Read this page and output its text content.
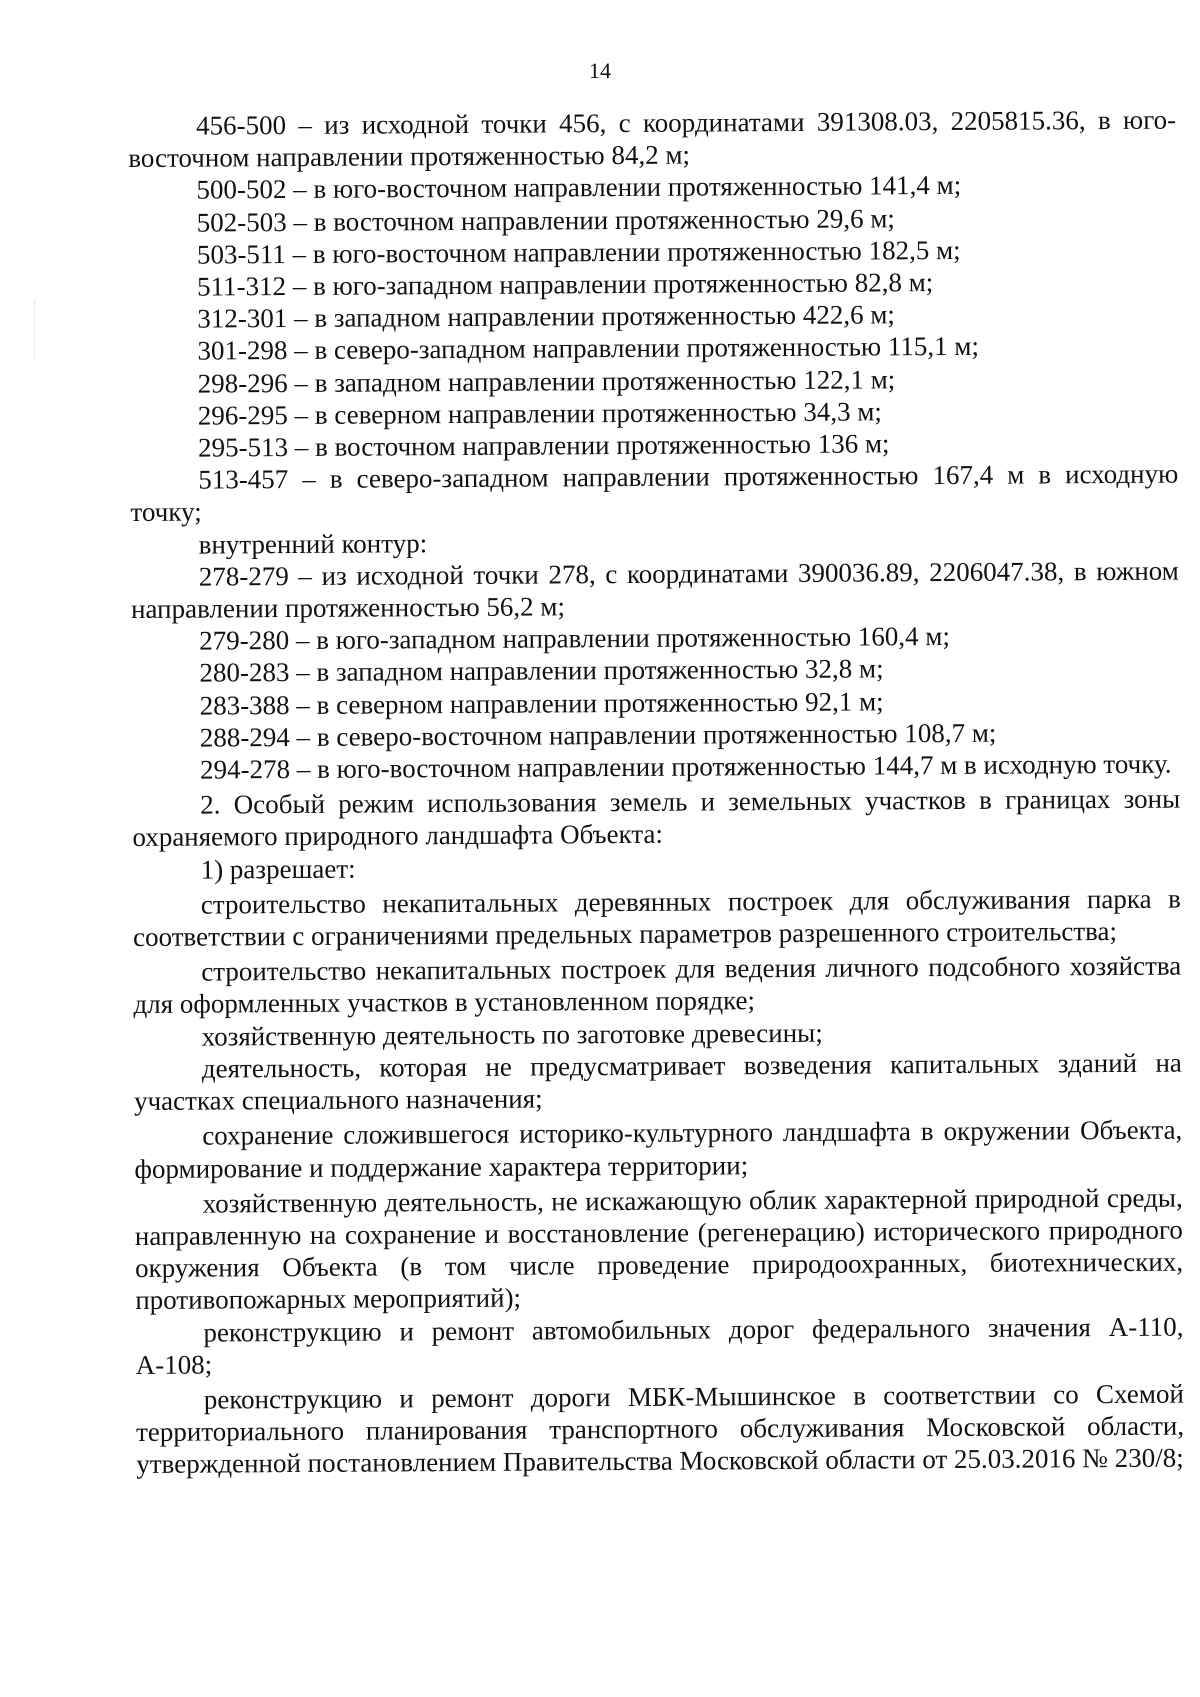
14

456-500 – из исходной точки 456, с координатами 391308.03, 2205815.36, в юго-восточном направлении протяженностью 84,2 м;

500-502 – в юго-восточном направлении протяженностью 141,4 м;

502-503 – в восточном направлении протяженностью 29,6 м;

503-511 – в юго-восточном направлении протяженностью 182,5 м;

511-312 – в юго-западном направлении протяженностью 82,8 м;

312-301 – в западном направлении протяженностью 422,6 м;

301-298 – в северо-западном направлении протяженностью 115,1 м;

298-296 – в западном направлении протяженностью 122,1 м;

296-295 – в северном направлении протяженностью 34,3 м;

295-513 – в восточном направлении протяженностью 136 м;

513-457 – в северо-западном направлении протяженностью 167,4 м в исходную точку;

внутренний контур:

278-279 – из исходной точки 278, с координатами 390036.89, 2206047.38, в южном направлении протяженностью 56,2 м;

279-280 – в юго-западном направлении протяженностью 160,4 м;

280-283 – в западном направлении протяженностью 32,8 м;

283-388 – в северном направлении протяженностью 92,1 м;

288-294 – в северо-восточном направлении протяженностью 108,7 м;

294-278 – в юго-восточном направлении протяженностью 144,7 м в исходную точку.

2. Особый режим использования земель и земельных участков в границах зоны охраняемого природного ландшафта Объекта:

1) разрешает:

строительство некапитальных деревянных построек для обслуживания парка в соответствии с ограничениями предельных параметров разрешенного строительства;

строительство некапитальных построек для ведения личного подсобного хозяйства для оформленных участков в установленном порядке;

хозяйственную деятельность по заготовке древесины;

деятельность, которая не предусматривает возведения капитальных зданий на участках специального назначения;

сохранение сложившегося историко-культурного ландшафта в окружении Объекта, формирование и поддержание характера территории;

хозяйственную деятельность, не искажающую облик характерной природной среды, направленную на сохранение и восстановление (регенерацию) исторического природного окружения Объекта (в том числе проведение природоохранных, биотехнических, противопожарных мероприятий);

реконструкцию и ремонт автомобильных дорог федерального значения А-110, А-108;

реконструкцию и ремонт дороги МБК-Мышинское в соответствии со Схемой территориального планирования транспортного обслуживания Московской области, утвержденной постановлением Правительства Московской области от 25.03.2016 № 230/8;
